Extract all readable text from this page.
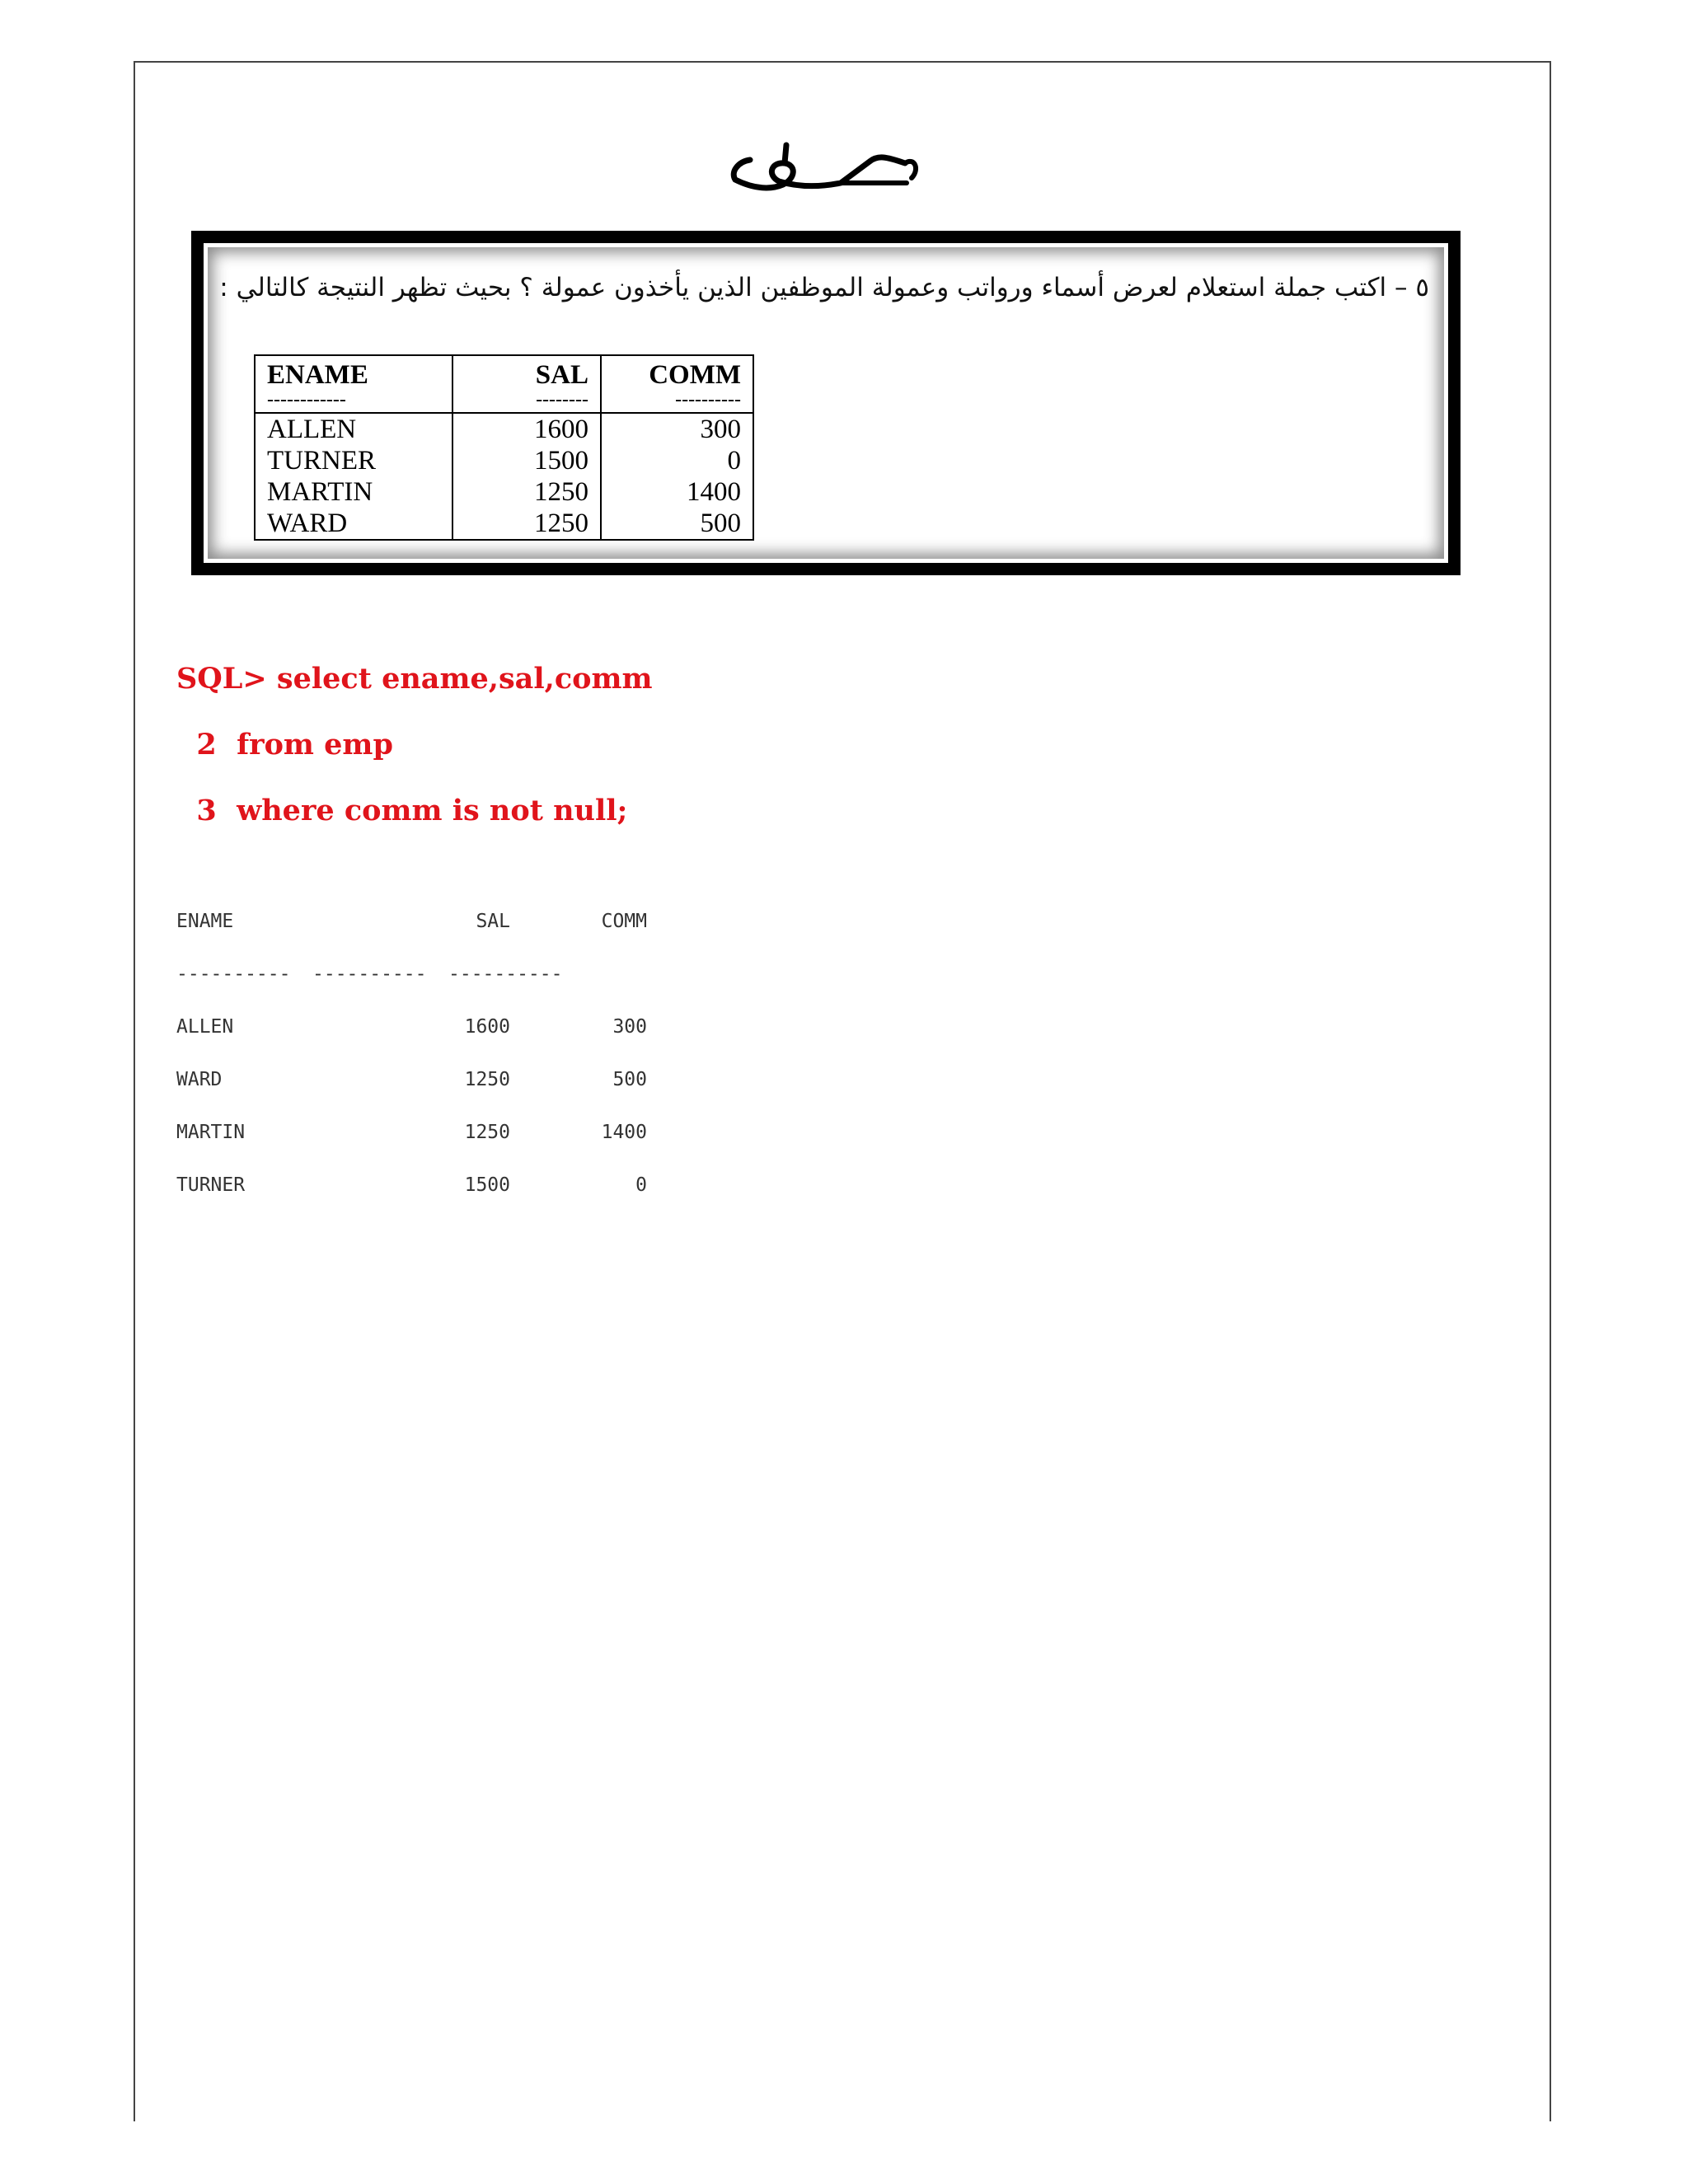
٥ – اكتب جملة استعلام لعرض أسماء ورواتب وعمولة الموظفين الذين يأخذون عمولة ؟ بحيث تظهر النتيجة كالتالي :
ENAME	SAL	COMM
------------	--------	----------
ALLEN	1600	300
TURNER	1500	0
MARTIN	1250	1400
WARD	1250	500
SQL> select ename,sal,comm
2  from emp
3  where comm is not null;
ENAME	SAL	COMM
----------	----------	----------
ALLEN	1600	300
WARD	1250	500
MARTIN	1250	1400
TURNER	1500	0
